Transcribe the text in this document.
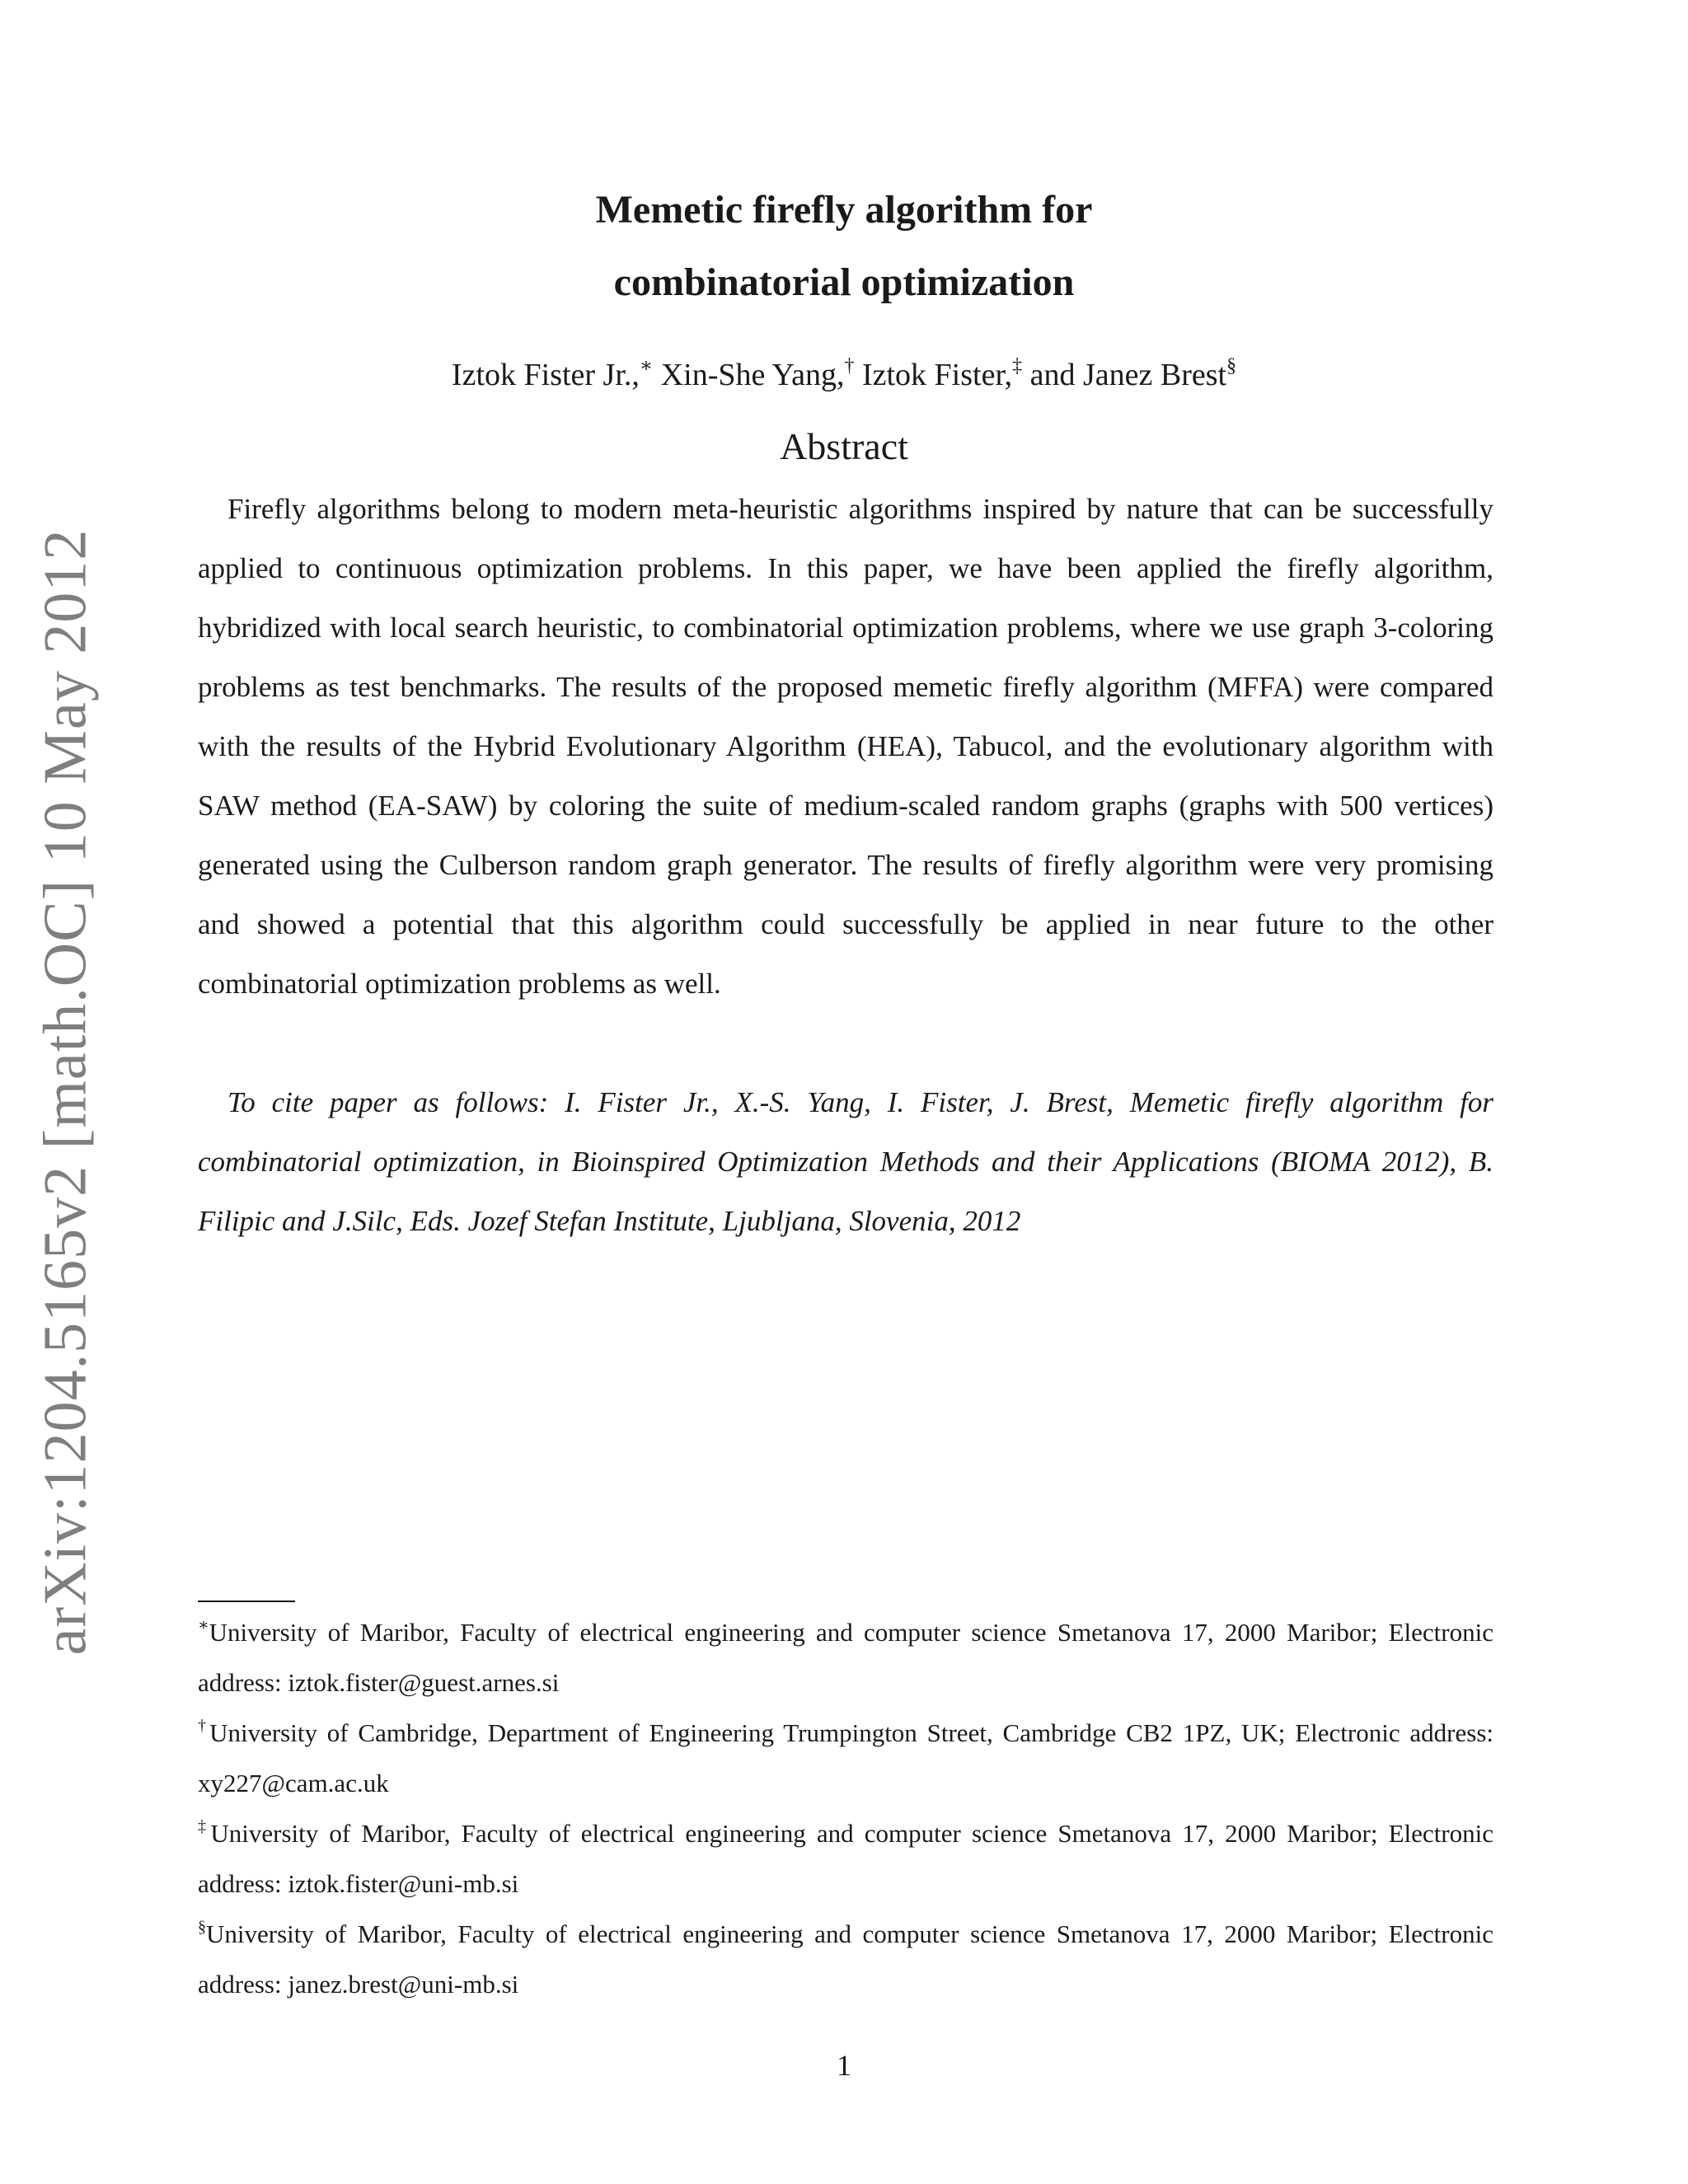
arXiv:1204.5165v2 [math.OC] 10 May 2012
Memetic firefly algorithm for
combinatorial optimization
Iztok Fister Jr.,∗ Xin-She Yang,† Iztok Fister,‡ and Janez Brest§
Abstract
Firefly algorithms belong to modern meta-heuristic algorithms inspired by nature that can be successfully applied to continuous optimization problems. In this paper, we have been applied the firefly algorithm, hybridized with local search heuristic, to combinatorial optimization problems, where we use graph 3-coloring problems as test benchmarks. The results of the proposed memetic firefly algorithm (MFFA) were compared with the results of the Hybrid Evolutionary Algorithm (HEA), Tabucol, and the evolutionary algorithm with SAW method (EA-SAW) by coloring the suite of medium-scaled random graphs (graphs with 500 vertices) generated using the Culberson random graph generator. The results of firefly algorithm were very promising and showed a potential that this algorithm could successfully be applied in near future to the other combinatorial optimization problems as well.
To cite paper as follows: I. Fister Jr., X.-S. Yang, I. Fister, J. Brest, Memetic firefly algorithm for combinatorial optimization, in Bioinspired Optimization Methods and their Applications (BIOMA 2012), B. Filipic and J.Silc, Eds. Jozef Stefan Institute, Ljubljana, Slovenia, 2012

∗University of Maribor, Faculty of electrical engineering and computer science Smetanova 17, 2000 Maribor; Electronic address: iztok.fister@guest.arnes.si

†University of Cambridge, Department of Engineering Trumpington Street, Cambridge CB2 1PZ, UK; Electronic address: xy227@cam.ac.uk

‡University of Maribor, Faculty of electrical engineering and computer science Smetanova 17, 2000 Maribor; Electronic address: iztok.fister@uni-mb.si

§University of Maribor, Faculty of electrical engineering and computer science Smetanova 17, 2000 Maribor; Electronic address: janez.brest@uni-mb.si

1
